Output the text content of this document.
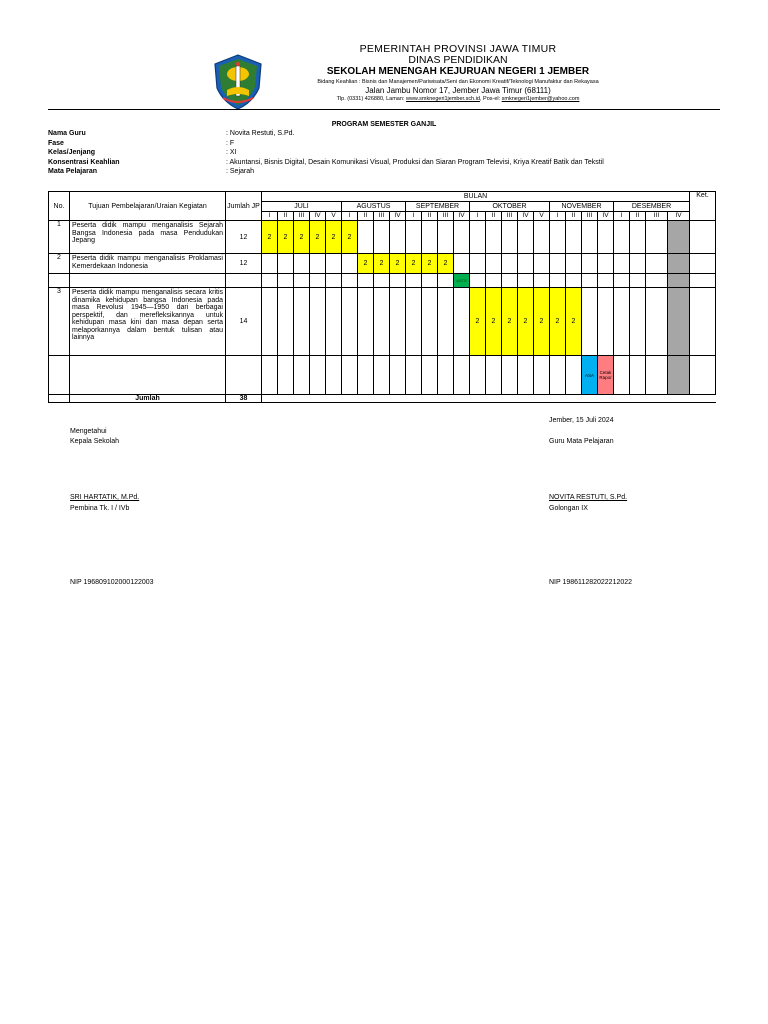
PEMERINTAH PROVINSI JAWA TIMUR
DINAS PENDIDIKAN
SEKOLAH MENENGAH KEJURUAN NEGERI 1 JEMBER
Bidang Keahlian : Bisnis dan Manajemen/Pariwisata/Seni dan Ekonomi Kreatif/Teknologi Manufaktur dan Rekayasa
Jalan Jambu Nomor 17, Jember Jawa Timur (68111)
Tlp. (0331) 426880, Laman: www.smknegeri1jember.sch.id, Pos-el: smknegeri1jember@yahoo.com
PROGRAM SEMESTER GANJIL
Nama Guru	: Novita Restuti, S.Pd.
Fase	: F
Kelas/Jenjang	: XI
Konsentrasi Keahlian	: Akuntansi, Bisnis Digital, Desain Komunikasi Visual, Produksi dan Siaran Program Televisi, Kriya Kreatif Batik dan Tekstil
Mata Pelajaran	: Sejarah
No.	Tujuan Pembelajaran/Uraian Kegiatan	Jumlah JP	BULAN																										Ket.
			JULI					AGUSTUS				SEPTEMBER				OKTOBER					NOVEMBER				DESEMBER				
			I	II	III	IV	V	I	II	III	IV	I	II	III	IV	I	II	III	IV	V	I	II	III	IV	I	II	III	IV	
1	Peserta didik mampu menganalisis Sejarah Bangsa Indonesia pada masa Pendudukan Jepang	12	2	2	2	2	2	2																					
2	Peserta didik mampu menganalisis Proklamasi Kemerdekaan Indonesia	12							2	2	2	2	2	2															
															ASTS														
3	Peserta didik mampu menganalisis secara kritis dinamika kehidupan bangsa Indonesia pada masa Revolusi 1945—1950 dari berbagai perspektif, dan merefleksikannya untuk kehidupan masa kini dan masa depan serta melaporkannya dalam bentuk tulisan atau lainnya	14														2	2	2	2	2	2	2							
																							ASA	Cetak Rapor					
	Jumlah	38																											
Jember, 15 Juli 2024
Mengetahui
Kepala Sekolah	Guru Mata Pelajaran
SRI HARTATIK, M.Pd.
Pembina Tk. I / IVb
NOVITA RESTUTI, S.Pd.
Golongan IX
NIP 196809102000122003	NIP 198611282022212022
